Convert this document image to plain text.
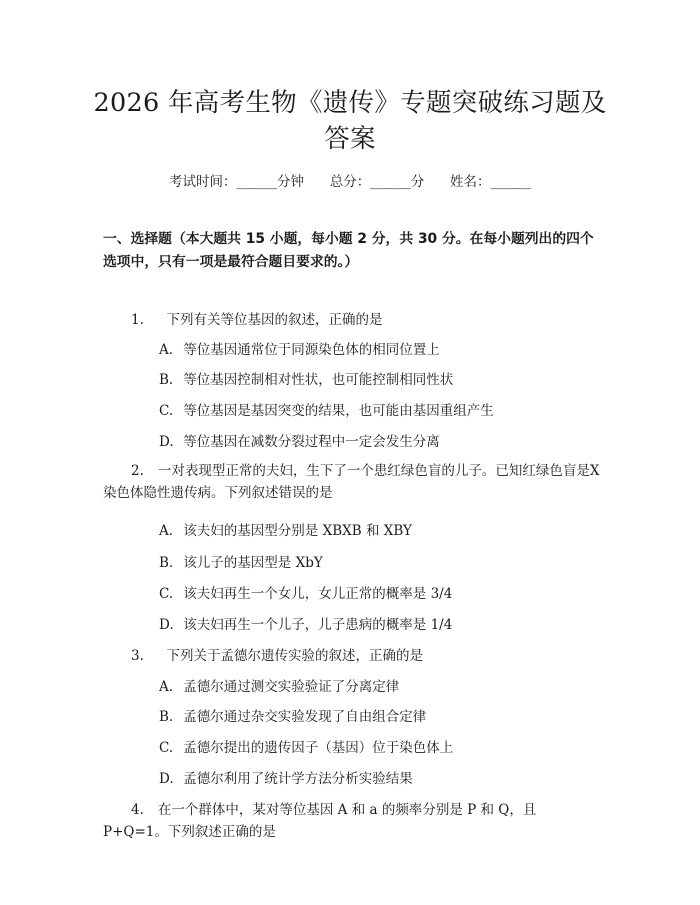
2026 年高考生物《遗传》专题突破练习题及
答案
考试时间：______分钟      总分：______分      姓名：______
一、选择题（本大题共 15 小题，每小题 2 分，共 30 分。在每小题列出的四个选项中，只有一项是最符合题目要求的。）
1. 下列有关等位基因的叙述，正确的是
A. 等位基因通常位于同源染色体的相同位置上
B. 等位基因控制相对性状，也可能控制相同性状
C. 等位基因是基因突变的结果，也可能由基因重组产生
D. 等位基因在减数分裂过程中一定会发生分离
2. 一对表现型正常的夫妇，生下了一个患红绿色盲的儿子。已知红绿色盲是X 染色体隐性遗传病。下列叙述错误的是
A. 该夫妇的基因型分别是 XBXB 和 XBY
B. 该儿子的基因型是 XbY
C. 该夫妇再生一个女儿，女儿正常的概率是 3/4
D. 该夫妇再生一个儿子，儿子患病的概率是 1/4
3. 下列关于孟德尔遗传实验的叙述，正确的是
A. 孟德尔通过测交实验验证了分离定律
B. 孟德尔通过杂交实验发现了自由组合定律
C. 孟德尔提出的遗传因子（基因）位于染色体上
D. 孟德尔利用了统计学方法分析实验结果
4. 在一个群体中，某对等位基因 A 和 a 的频率分别是 P 和 Q，且 P+Q=1。下列叙述正确的是
